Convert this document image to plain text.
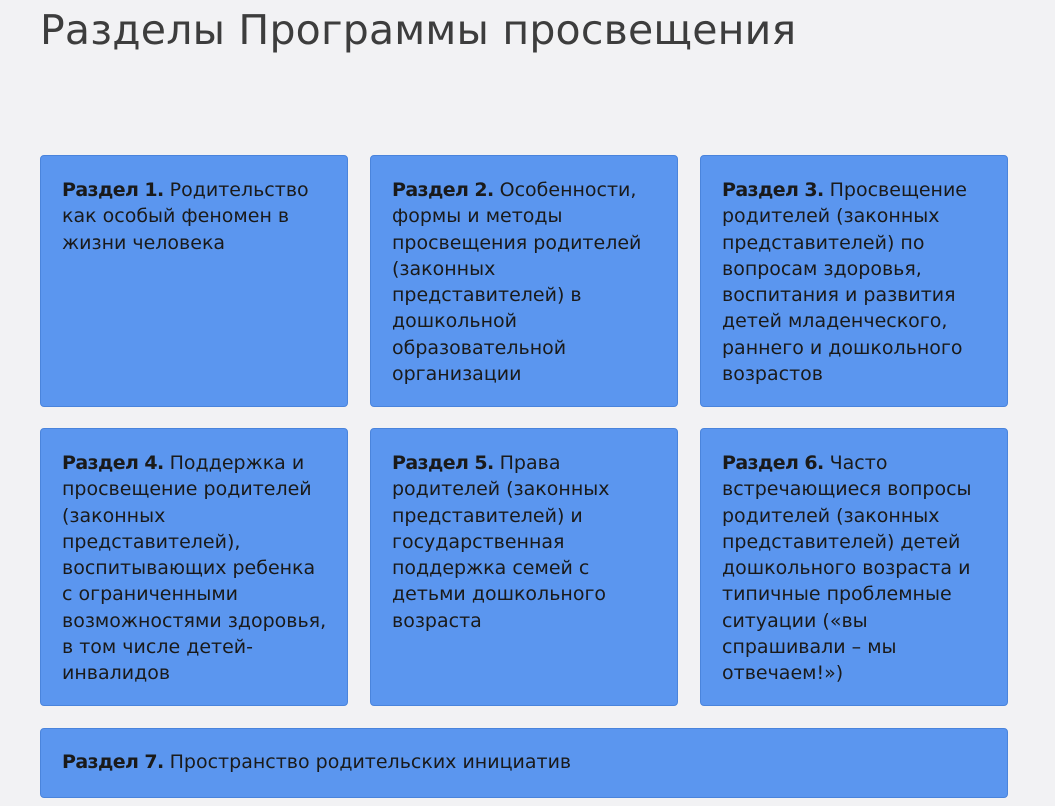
Разделы Программы просвещения
Раздел 1. Родительство как особый феномен в жизни человека
Раздел 2. Особенности, формы и методы просвещения родителей (законных представителей) в дошкольной образовательной организации
Раздел 3. Просвещение родителей (законных представителей) по вопросам здоровья, воспитания и развития детей младенческого, раннего и дошкольного возрастов
Раздел 4. Поддержка и просвещение родителей (законных представителей), воспитывающих ребенка с ограниченными возможностями здоровья, в том числе детей-инвалидов
Раздел 5. Права родителей (законных представителей) и государственная поддержка семей с детьми дошкольного возраста
Раздел 6. Часто встречающиеся вопросы родителей (законных представителей) детей дошкольного возраста и типичные проблемные ситуации («вы спрашивали – мы отвечаем!»)
Раздел 7. Пространство родительских инициатив
